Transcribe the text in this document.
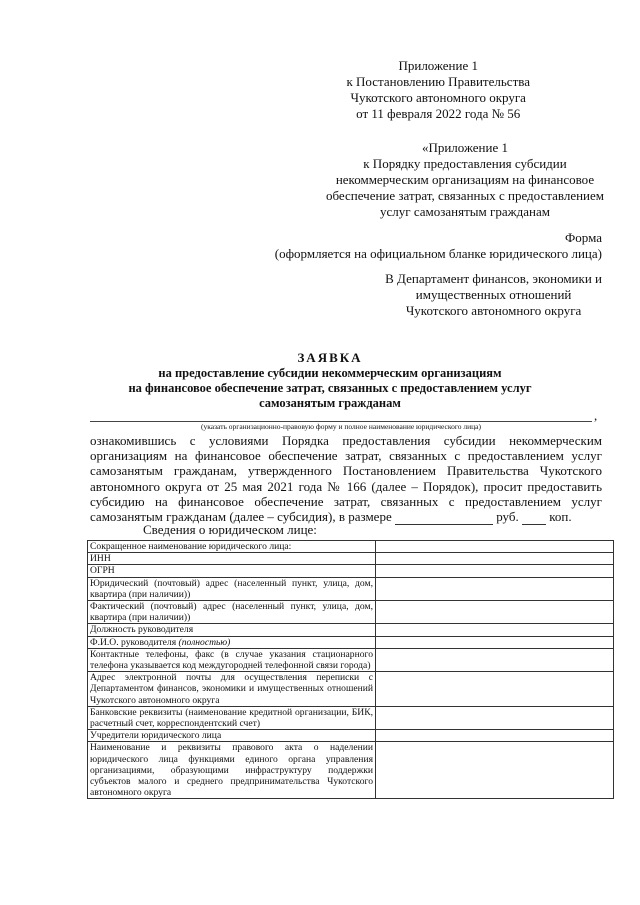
Приложение 1
к Постановлению Правительства
Чукотского автономного округа
от 11 февраля 2022 года № 56
«Приложение 1
к Порядку предоставления субсидии
некоммерческим организациям на финансовое
обеспечение затрат, связанных с предоставлением
услуг самозанятым гражданам
Форма
(оформляется на официальном бланке юридического лица)
В Департамент финансов, экономики и
имущественных отношений
Чукотского автономного округа
ЗАЯВКА
на предоставление субсидии некоммерческим организациям
на финансовое обеспечение затрат, связанных с предоставлением услуг
самозанятым гражданам
,
(указать организационно-правовую форму и полное наименование юридического лица)
ознакомившись с условиями Порядка предоставления субсидии некоммерческим организациям на финансовое обеспечение затрат, связанных с предоставлением услуг самозанятым гражданам, утвержденного Постановлением Правительства Чукотского автономного округа от 25 мая 2021 года № 166 (далее – Порядок), просит предоставить субсидию на финансовое обеспечение затрат, связанных с предоставлением услуг самозанятым гражданам (далее – субсидия), в размере	руб. коп.
Сведения о юридическом лице:
Сокращенное наименование юридического лица:	
ИНН	
ОГРН	
Юридический (почтовый) адрес (населенный пункт, улица, дом, квартира (при наличии))	
Фактический (почтовый) адрес (населенный пункт, улица, дом, квартира (при наличии))	
Должность руководителя	
Ф.И.О. руководителя (полностью)	
Контактные телефоны, факс (в случае указания стационарного телефона указывается код междугородней телефонной связи города)	
Адрес электронной почты для осуществления переписки с Департаментом финансов, экономики и имущественных отношений Чукотского автономного округа	
Банковские реквизиты (наименование кредитной организации, БИК, расчетный счет, корреспондентский счет)	
Учредители юридического лица	
Наименование и реквизиты правового акта о наделении юридического лица функциями единого органа управления организациями, образующими инфраструктуру поддержки субъектов малого и среднего предпринимательства Чукотского автономного округа	
